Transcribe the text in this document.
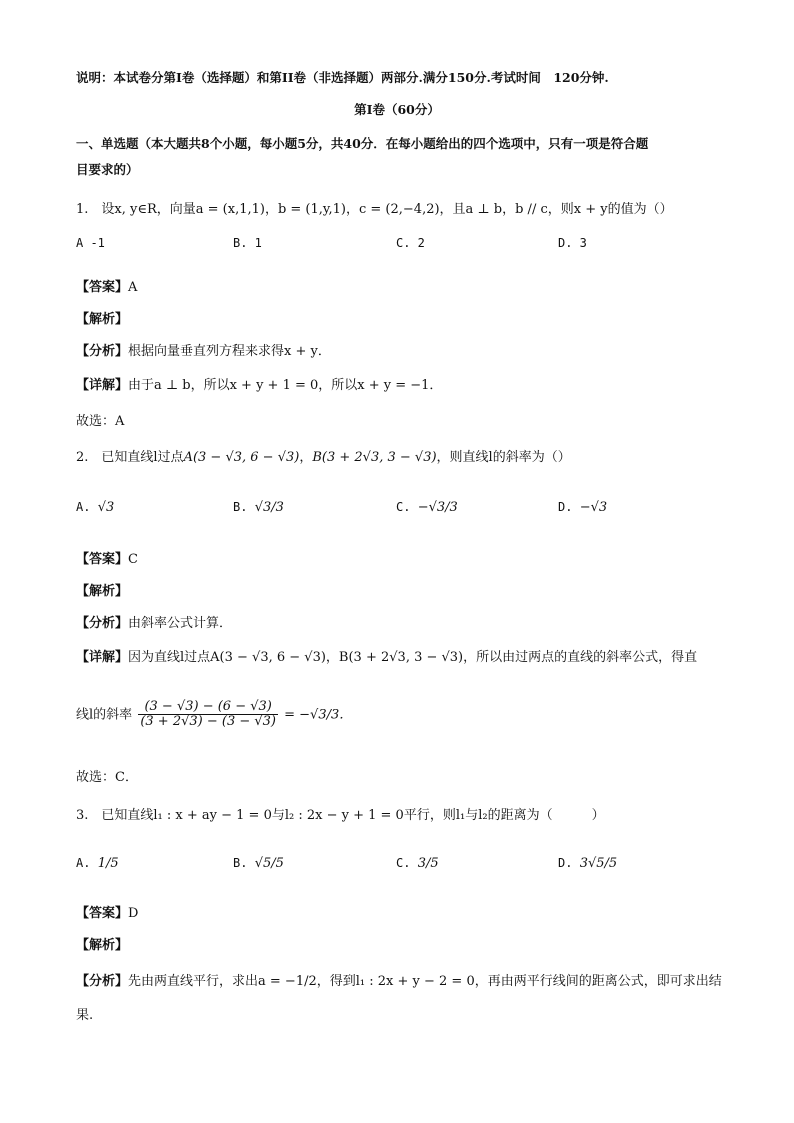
说明：本试卷分第Ⅰ卷（选择题）和第II卷（非选择题）两部分.满分150分.考试时间　120分钟.
第Ⅰ卷（60分）
一、单选题（本大题共8个小题，每小题5分，共40分．在每小题给出的四个选项中，只有一项是符合题
目要求的）
1.　设x, y∈R，向量a = (x,1,1)，b = (1,y,1)，c = (2,−4,2)，且a ⊥ b，b // c，则x + y的值为（）
A -1	B. 1	C. 2	D. 3
【答案】A
【解析】
【分析】根据向量垂直列方程来求得x + y．
【详解】由于a ⊥ b，所以x + y + 1 = 0，所以x + y = −1．
故选：A
2.　已知直线l过点A(3 − √3, 6 − √3)，B(3 + 2√3, 3 − √3)，则直线l的斜率为（）
A. √3	B. √3/3	C. −√3/3	D. −√3
【答案】C
【解析】
【分析】由斜率公式计算．
【详解】因为直线l过点A(3 − √3, 6 − √3)，B(3 + 2√3, 3 − √3)，所以由过两点的直线的斜率公式，得直
线l的斜率 $\frac{(3 - √3) - (6 - √3)}{(3 + 2√3) - (3 - √3)} = -√3/3$．
故选：C．
3.　已知直线l₁ : x + ay − 1 = 0与l₂ : 2x − y + 1 = 0平行，则l₁与l₂的距离为（　　　）
A. 1/5	B. √5/5	C. 3/5	D. 3√5/5
【答案】D
【解析】
【分析】先由两直线平行，求出a = −1/2，得到l₁ : 2x + y − 2 = 0，再由两平行线间的距离公式，即可求出结
果.
